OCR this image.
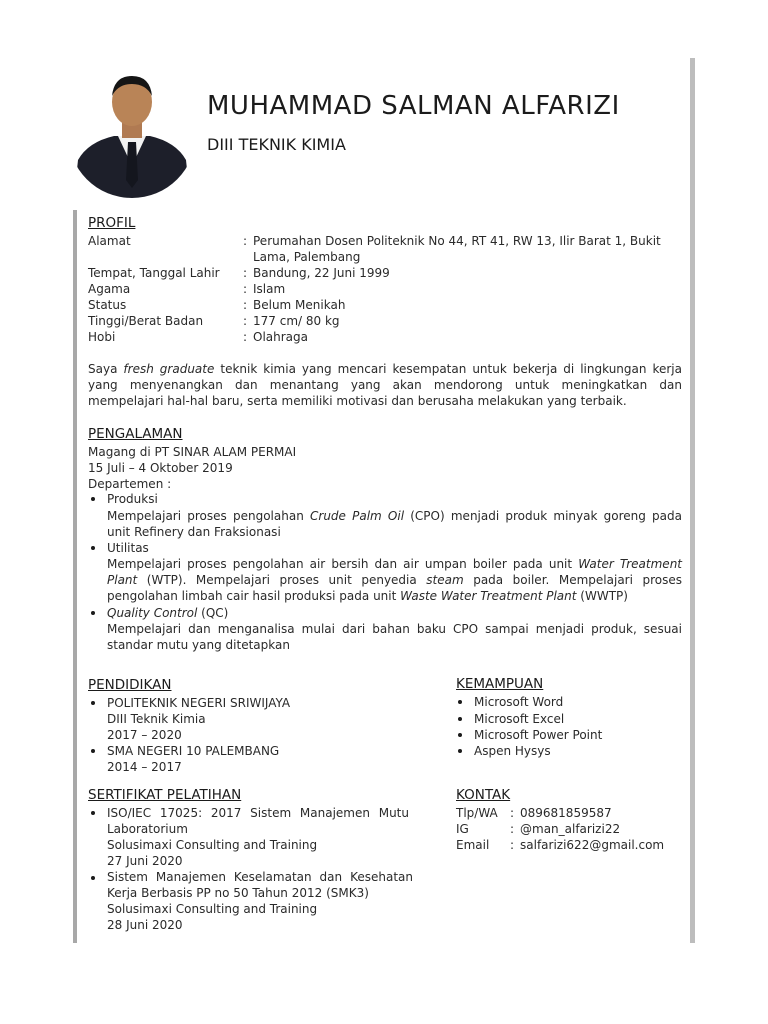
MUHAMMAD SALMAN ALFARIZI
DIII TEKNIK KIMIA
PROFIL
Alamat	: Perumahan Dosen Politeknik No 44, RT 41, RW 13, Ilir Barat 1, Bukit Lama, Palembang
Tempat, Tanggal Lahir : Bandung, 22 Juni 1999
Agama	: Islam
Status	: Belum Menikah
Tinggi/Berat Badan	: 177 cm/ 80 kg
Hobi	: Olahraga
Saya fresh graduate teknik kimia yang mencari kesempatan untuk bekerja di lingkungan kerja yang menyenangkan dan menantang yang akan mendorong untuk meningkatkan dan mempelajari hal-hal baru, serta memiliki motivasi dan berusaha melakukan yang terbaik.
PENGALAMAN
Magang di PT SINAR ALAM PERMAI
15 Juli – 4 Oktober 2019
Departemen :
Produksi
Mempelajari proses pengolahan Crude Palm Oil (CPO) menjadi produk minyak goreng pada unit Refinery dan Fraksionasi
Utilitas
Mempelajari proses pengolahan air bersih dan air umpan boiler pada unit Water Treatment Plant (WTP). Mempelajari proses unit penyedia steam pada boiler. Mempelajari proses pengolahan limbah cair hasil produksi pada unit Waste Water Treatment Plant (WWTP)
Quality Control (QC)
Mempelajari dan menganalisa mulai dari bahan baku CPO sampai menjadi produk, sesuai standar mutu yang ditetapkan
PENDIDIKAN
POLITEKNIK NEGERI SRIWIJAYA
DIII Teknik Kimia
2017 – 2020
SMA NEGERI 10 PALEMBANG
2014 – 2017
KEMAMPUAN
Microsoft Word
Microsoft Excel
Microsoft Power Point
Aspen Hysys
SERTIFIKAT PELATIHAN
ISO/IEC 17025: 2017 Sistem Manajemen Mutu Laboratorium
Solusimaxi Consulting and Training
27 Juni 2020
Sistem Manajemen Keselamatan dan Kesehatan Kerja Berbasis PP no 50 Tahun 2012 (SMK3)
Solusimaxi Consulting and Training
28 Juni 2020
KONTAK
Tlp/WA : 089681859587
IG	: @man_alfarizi22
Email : salfarizi622@gmail.com
